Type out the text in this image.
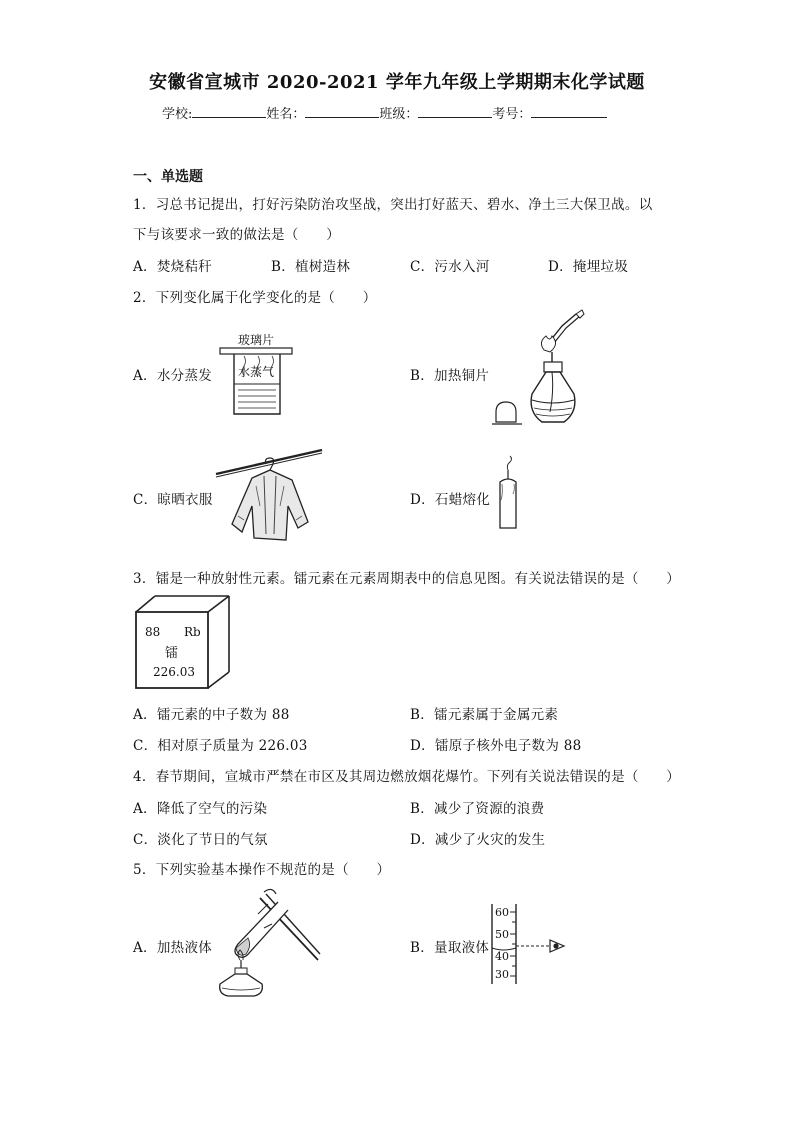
安徽省宣城市 2020-2021 学年九年级上学期期末化学试题
学校:	姓名：	班级：	考号：
一、单选题
1．习总书记提出，打好污染防治攻坚战，突出打好蓝天、碧水、净土三大保卫战。以
下与该要求一致的做法是（　　）
A．焚烧秸秆	B．植树造林	C．污水入河	D．掩埋垃圾
2．下列变化属于化学变化的是（　　）
A．水分蒸发
玻璃片
水蒸气	B．加热铜片
C．晾晒衣服	D．石蜡熔化
3．镭是一种放射性元素。镭元素在元素周期表中的信息见图。有关说法错误的是（　　）
88 Rb
镭
226.03
A．镭元素的中子数为 88	B．镭元素属于金属元素
C．相对原子质量为 226.03	D．镭原子核外电子数为 88
4．春节期间，宣城市严禁在市区及其周边燃放烟花爆竹。下列有关说法错误的是（　　）
A．降低了空气的污染	B．减少了资源的浪费
C．淡化了节日的气氛	D．减少了火灾的发生
5．下列实验基本操作不规范的是（　　）
A．加热液体	B．量取液体
60
50
40
30
